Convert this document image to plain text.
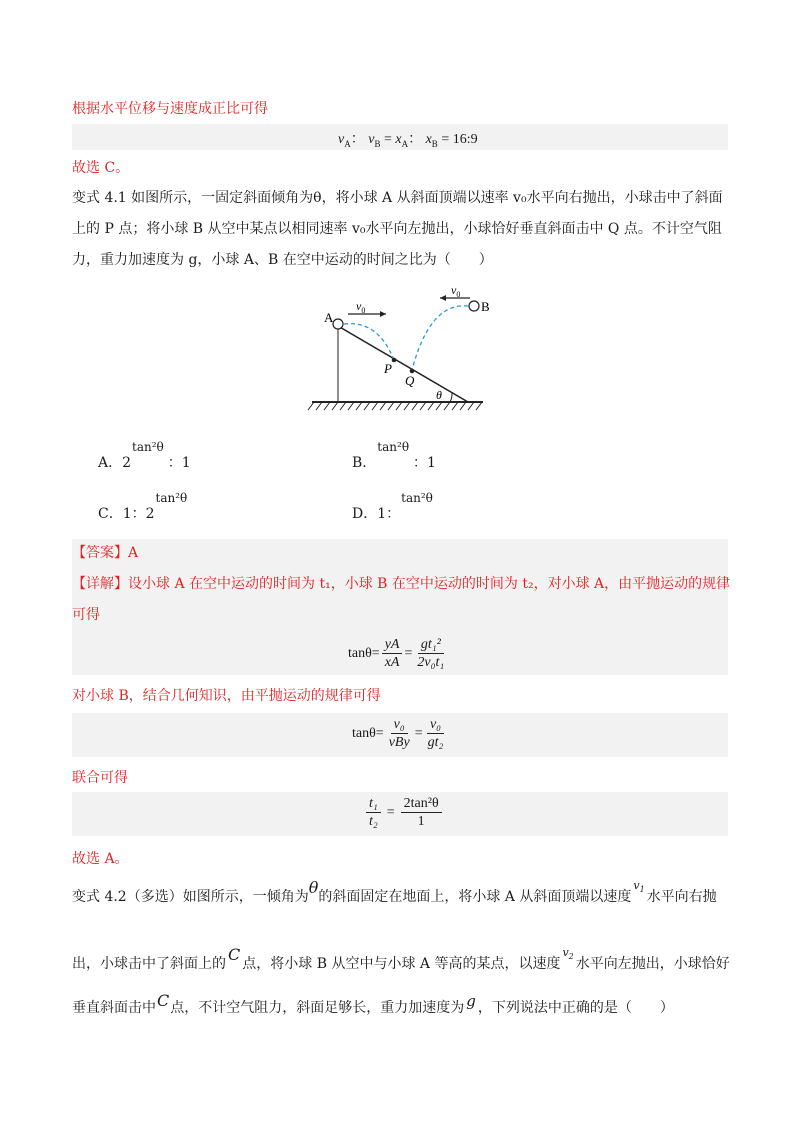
根据水平位移与速度成正比可得
$v_A$： $v_B = x_A$： $x_B$ = 16:9
故选 C。
变式 4.1 如图所示，一固定斜面倾角为θ，将小球 A 从斜面顶端以速率 v₀水平向右抛出，小球击中了斜面
上的 P 点；将小球 B 从空中某点以相同速率 v₀水平向左抛出，小球恰好垂直斜面击中 Q 点。不计空气阻
力，重力加速度为 g，小球 A、B 在空中运动的时间之比为（　　）
A
B
P
Q
θ
$v_0$
$v_0$
A．2tan²θ：1	B．tan²θ：1
C．1：2tan²θ
D．1：tan²θ
【答案】A
【详解】设小球 A 在空中运动的时间为 t₁，小球 B 在空中运动的时间为 t₂，对小球 A，由平抛运动的规律
可得
$\tan\theta= \frac{yA}{xA} = \frac{\text{gt₁²}}{\text{2v₀t₁}}$
对小球 B，结合几何知识，由平抛运动的规律可得
$\tan\theta= \frac{\text{v₀}}{\text{vBy}} = \frac{\text{v₀}}{\text{gt₂}}$
联合可得
$\frac{\text{t₁}}{\text{t₂}} = \frac{\text{2tan²θ}}{1}$
故选 A。
变式 4.2（多选）如图所示，一倾角为θ的斜面固定在地面上，将小球 A 从斜面顶端以速度$^{v_1}$ 水平向右抛
出，小球击中了斜面上的 C 点，将小球 B 从空中与小球 A 等高的某点，以速度$^{v_2}$ 水平向左抛出，小球恰好
垂直斜面击中C点，不计空气阻力，斜面足够长，重力加速度为 g ，下列说法中正确的是（　　）
